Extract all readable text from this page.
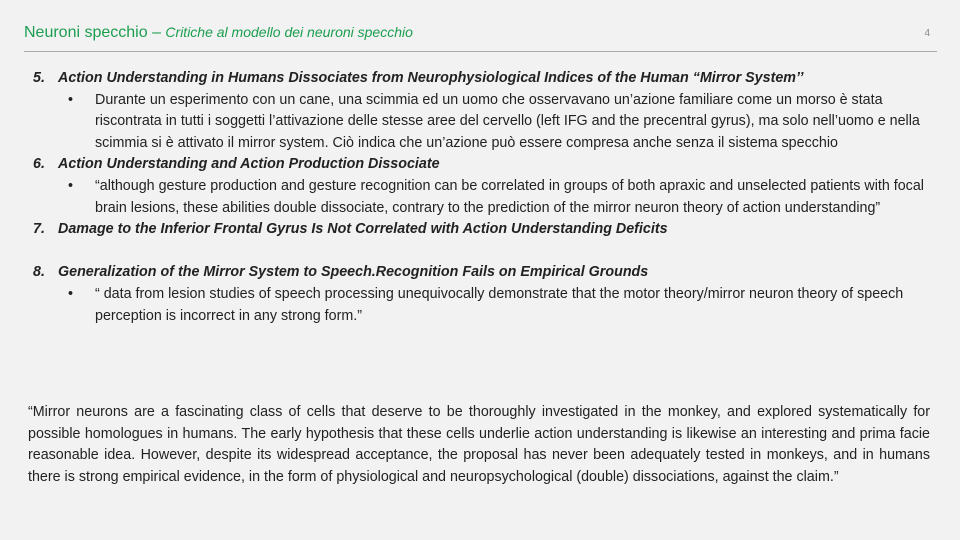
Neuroni specchio – Critiche al modello dei neuroni specchio	4
5. Action Understanding in Humans Dissociates from Neurophysiological Indices of the Human “Mirror System’’
•	Durante un esperimento con un cane, una scimmia ed un uomo che osservavano un’azione familiare come un morso è stata riscontrata in tutti i soggetti l’attivazione delle stesse aree del cervello (left IFG and the precentral gyrus), ma solo nell’uomo e nella scimmia si è attivato il mirror system. Ciò indica che un’azione può essere compresa anche senza il sistema specchio
6. Action Understanding and Action Production Dissociate
•	“although gesture production and gesture recognition can be correlated in groups of both apraxic and unselected patients with focal brain lesions, these abilities double dissociate, contrary to the prediction of the mirror neuron theory of action understanding”
7. Damage to the Inferior Frontal Gyrus Is Not Correlated with Action Understanding Deficits
8. Generalization of the Mirror System to Speech.Recognition Fails on Empirical Grounds
•	“ data from lesion studies of speech processing unequivocally demonstrate that the motor theory/mirror neuron theory of speech perception is incorrect in any strong form.”
“Mirror neurons are a fascinating class of cells that deserve to be thoroughly investigated in the monkey, and explored systematically for possible homologues in humans. The early hypothesis that these cells underlie action understanding is likewise an interesting and prima facie reasonable idea. However, despite its widespread acceptance, the proposal has never been adequately tested in monkeys, and in humans there is strong empirical evidence, in the form of physiological and neuropsychological (double) dissociations, against the claim.”
